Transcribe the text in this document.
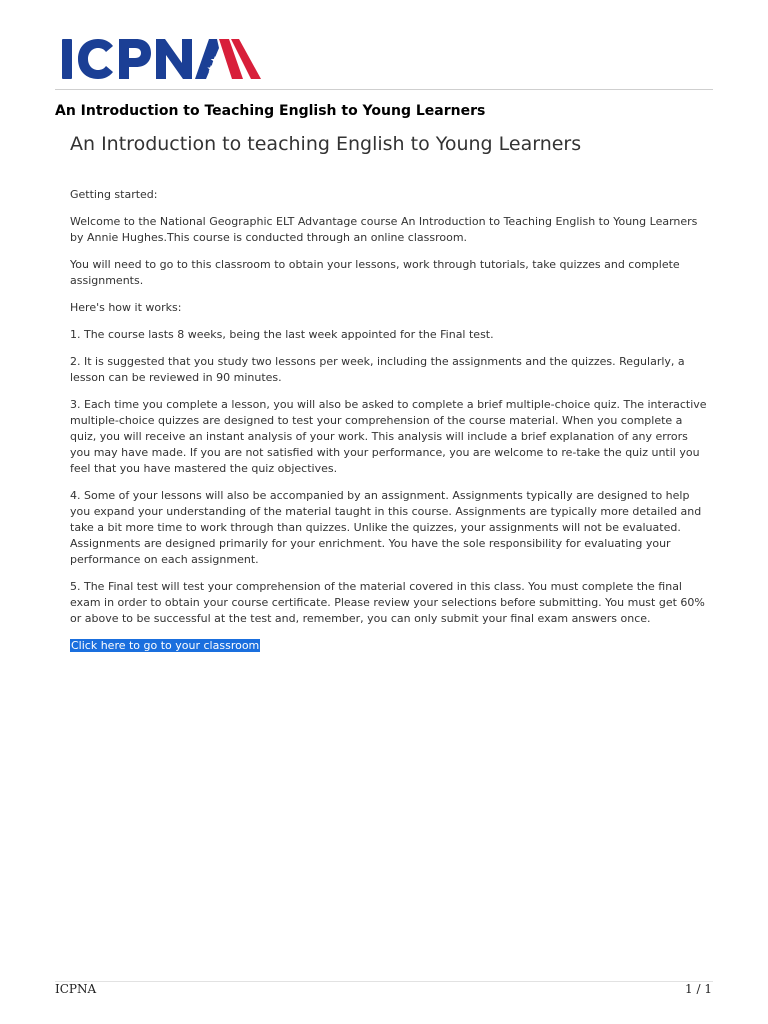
An Introduction to Teaching English to Young Learners
An Introduction to teaching English to Young Learners

Getting started:

Welcome to the National Geographic ELT Advantage course An Introduction to Teaching English to Young Learners by Annie Hughes.This course is conducted through an online classroom.

You will need to go to this classroom to obtain your lessons, work through tutorials, take quizzes and complete assignments.

Here's how it works:

1. The course lasts 8 weeks, being the last week appointed for the Final test.

2. It is suggested that you study two lessons per week, including the assignments and the quizzes. Regularly, a lesson can be reviewed in 90 minutes.

3. Each time you complete a lesson, you will also be asked to complete a brief multiple-choice quiz. The interactive multiple-choice quizzes are designed to test your comprehension of the course material. When you complete a quiz, you will receive an instant analysis of your work. This analysis will include a brief explanation of any errors you may have made. If you are not satisfied with your performance, you are welcome to re-take the quiz until you feel that you have mastered the quiz objectives.

4. Some of your lessons will also be accompanied by an assignment. Assignments typically are designed to help you expand your understanding of the material taught in this course. Assignments are typically more detailed and take a bit more time to work through than quizzes. Unlike the quizzes, your assignments will not be evaluated. Assignments are designed primarily for your enrichment. You have the sole responsibility for evaluating your performance on each assignment.

5. The Final test will test your comprehension of the material covered in this class. You must complete the final exam in order to obtain your course certificate. Please review your selections before submitting. You must get 60% or above to be successful at the test and, remember, you can only submit your final exam answers once.

Click here to go to your classroom

ICPNA	1 / 1
